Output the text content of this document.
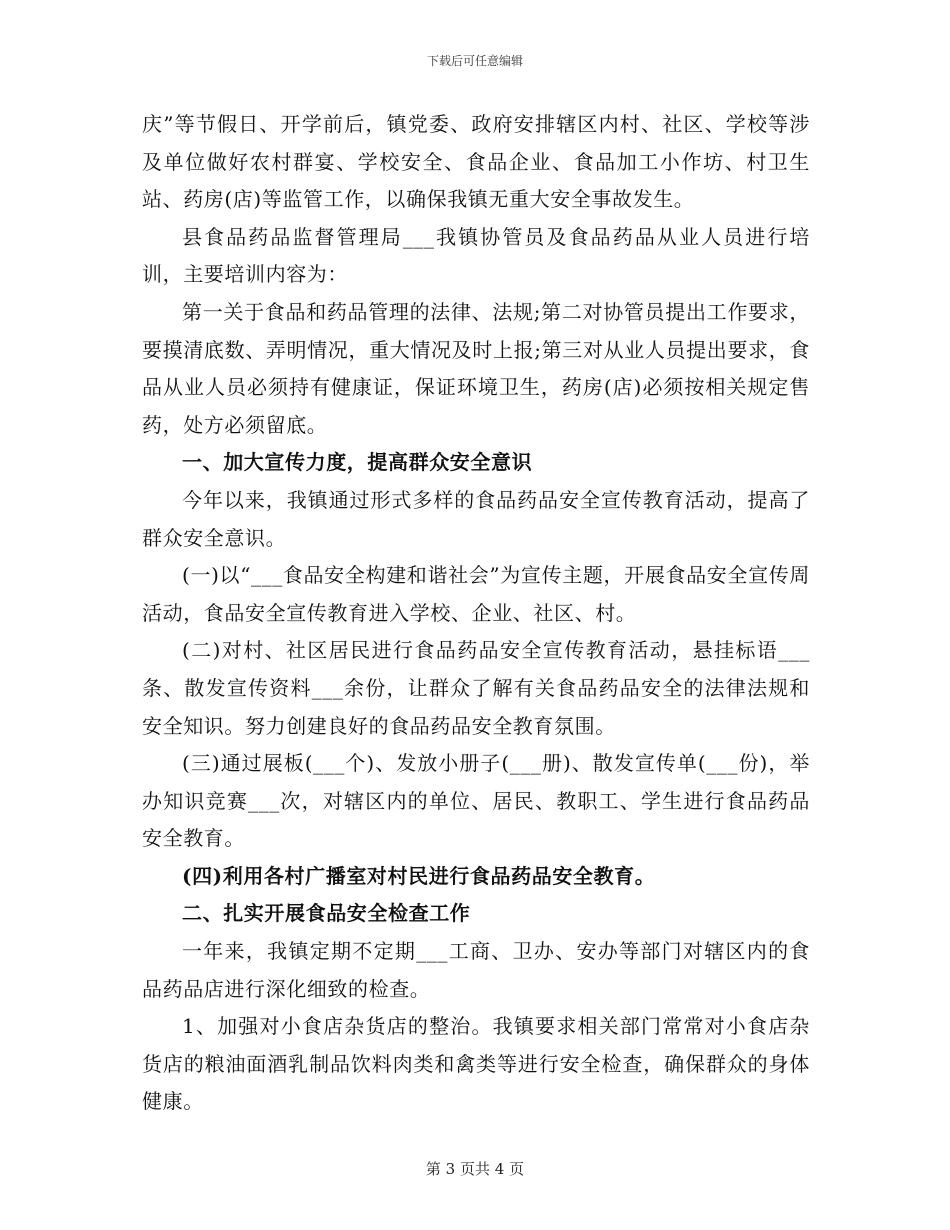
下载后可任意编辑

庆”等节假日、开学前后，镇党委、政府安排辖区内村、社区、学校等涉及单位做好农村群宴、学校安全、食品企业、食品加工小作坊、村卫生站、药房(店)等监管工作，以确保我镇无重大安全事故发生。

县食品药品监督管理局___我镇协管员及食品药品从业人员进行培训，主要培训内容为：

第一关于食品和药品管理的法律、法规;第二对协管员提出工作要求，要摸清底数、弄明情况，重大情况及时上报;第三对从业人员提出要求，食品从业人员必须持有健康证，保证环境卫生，药房(店)必须按相关规定售药，处方必须留底。

一、加大宣传力度，提高群众安全意识

今年以来，我镇通过形式多样的食品药品安全宣传教育活动，提高了群众安全意识。

(一)以“___食品安全构建和谐社会”为宣传主题，开展食品安全宣传周活动，食品安全宣传教育进入学校、企业、社区、村。

(二)对村、社区居民进行食品药品安全宣传教育活动，悬挂标语___条、散发宣传资料___余份，让群众了解有关食品药品安全的法律法规和安全知识。努力创建良好的食品药品安全教育氛围。

(三)通过展板(___个)、发放小册子(___册)、散发宣传单(___份)，举办知识竞赛___次，对辖区内的单位、居民、教职工、学生进行食品药品安全教育。

(四)利用各村广播室对村民进行食品药品安全教育。

二、扎实开展食品安全检查工作

一年来，我镇定期不定期___工商、卫办、安办等部门对辖区内的食品药品店进行深化细致的检查。

1、加强对小食店杂货店的整治。我镇要求相关部门常常对小食店杂货店的粮油面酒乳制品饮料肉类和禽类等进行安全检查，确保群众的身体健康。

第 3 页共 4 页
